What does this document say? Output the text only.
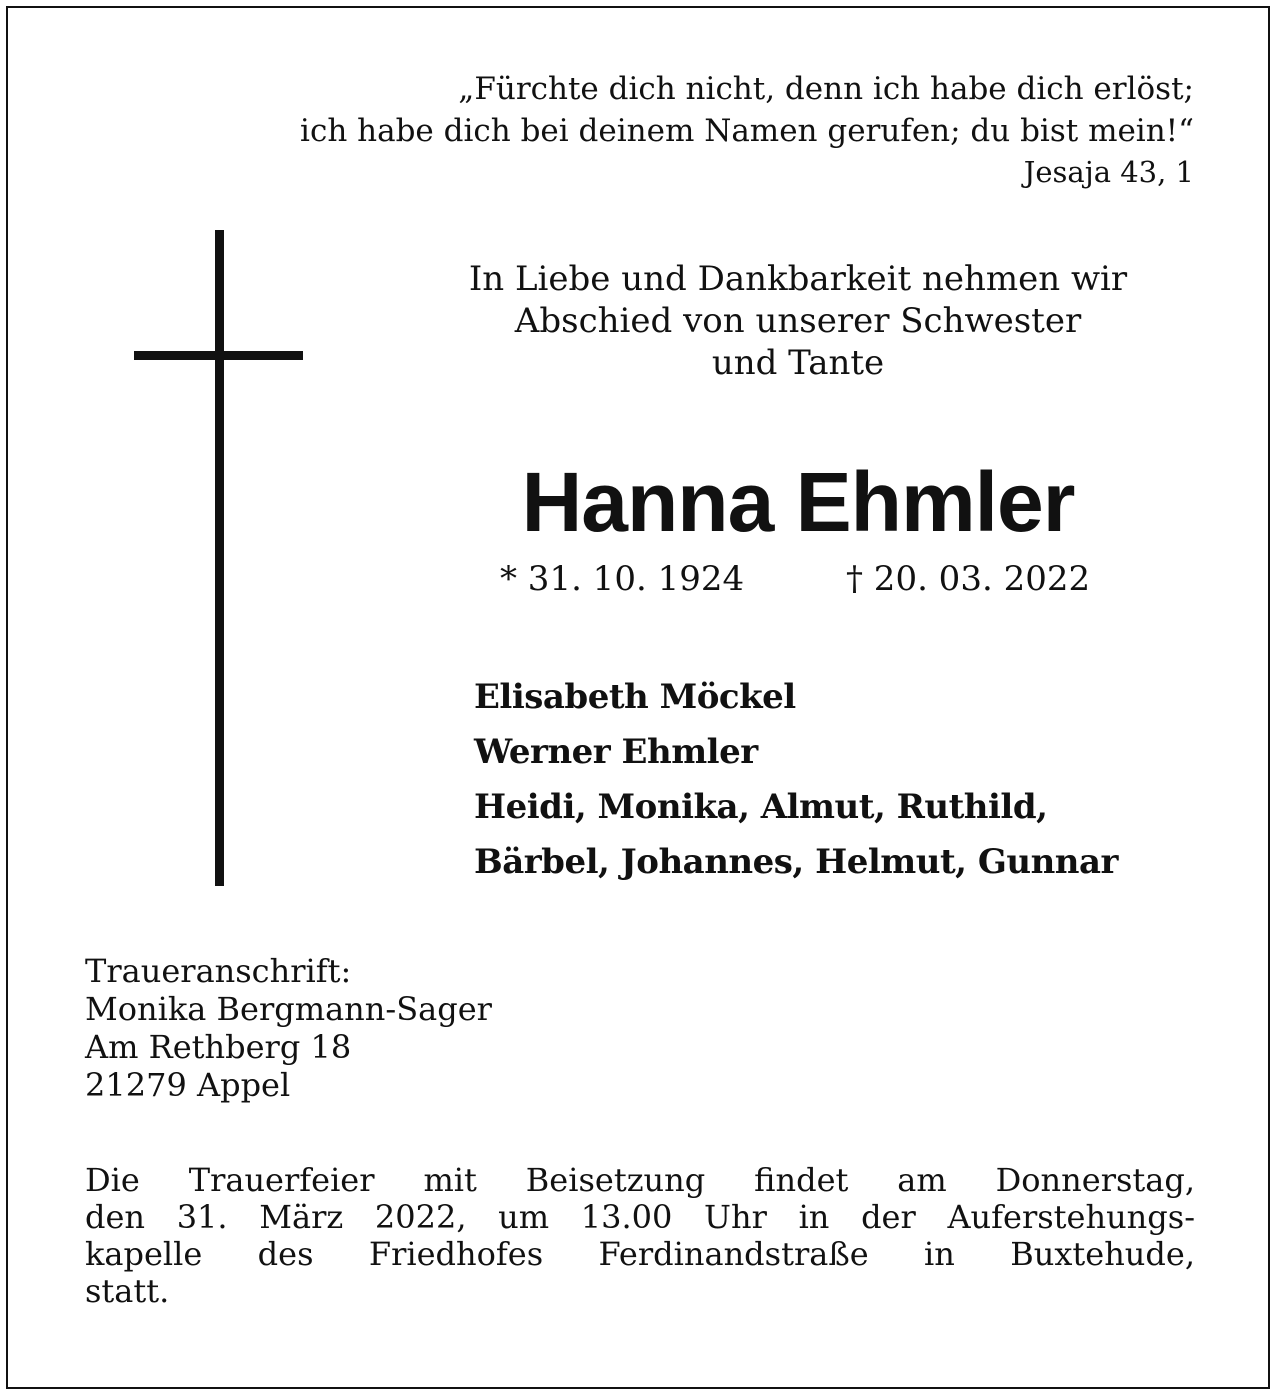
„Fürchte dich nicht, denn ich habe dich erlöst;
ich habe dich bei deinem Namen gerufen; du bist mein!“
Jesaja 43, 1
In Liebe und Dankbarkeit nehmen wir
Abschied von unserer Schwester
und Tante
Hanna Ehmler
* 31. 10. 1924	† 20. 03. 2022
Elisabeth Möckel
Werner Ehmler
Heidi, Monika, Almut, Ruthild,
Bärbel, Johannes, Helmut, Gunnar
Traueranschrift:
Monika Bergmann-Sager
Am Rethberg 18
21279 Appel
Die Trauerfeier mit Beisetzung findet am Donnerstag,
den 31. März 2022, um 13.00 Uhr in der Auferstehungs-
kapelle des Friedhofes Ferdinandstraße in Buxtehude,
statt.
